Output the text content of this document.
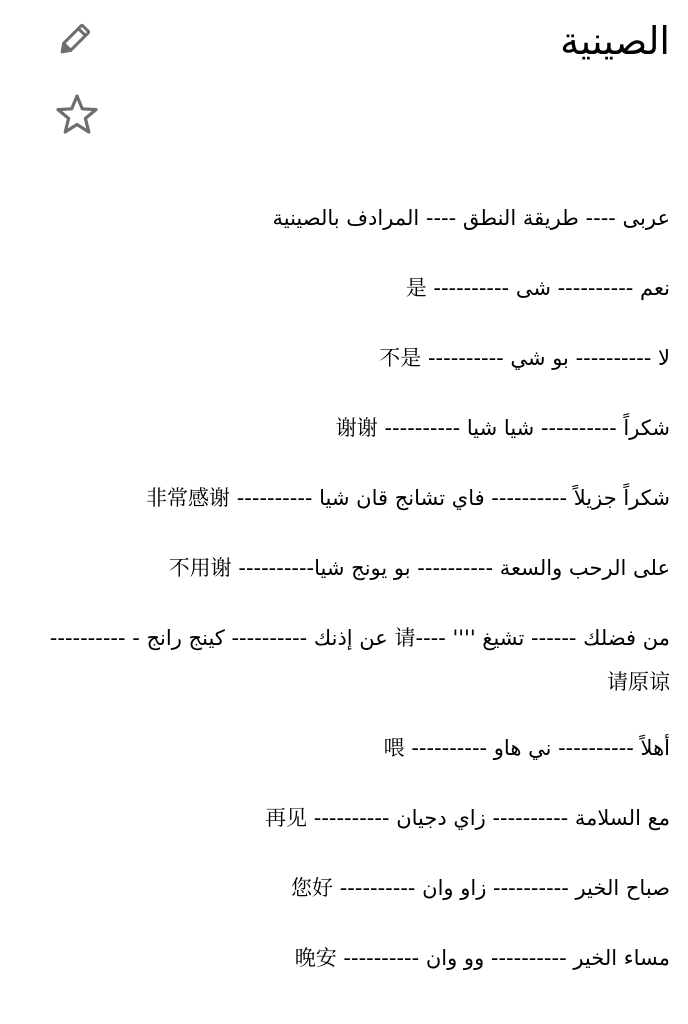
الصينية
عربى ---- طريقة النطق ---- المرادف بالصينية
نعم ---------- شى ---------- 是
لا ---------- بو شي ---------- 不是
شكراً ---------- شيا شيا ---------- 谢谢
شكراً جزيلاً ---------- فاي تشانج قان شيا ---------- 非常感谢
على الرحب والسعة ---------- بو يونج شيا---------- 不用谢
من فضلك ------ تشيغ '''' ----请 عن إذنك ---------- كينج رانج - ---------- 请原谅
أهلاً ---------- ني هاو ---------- 喂
مع السلامة ---------- زاي دجيان ---------- 再见
صباح الخير ---------- زاو وان ---------- 您好
مساء الخير ---------- وو وان ---------- 晚安
